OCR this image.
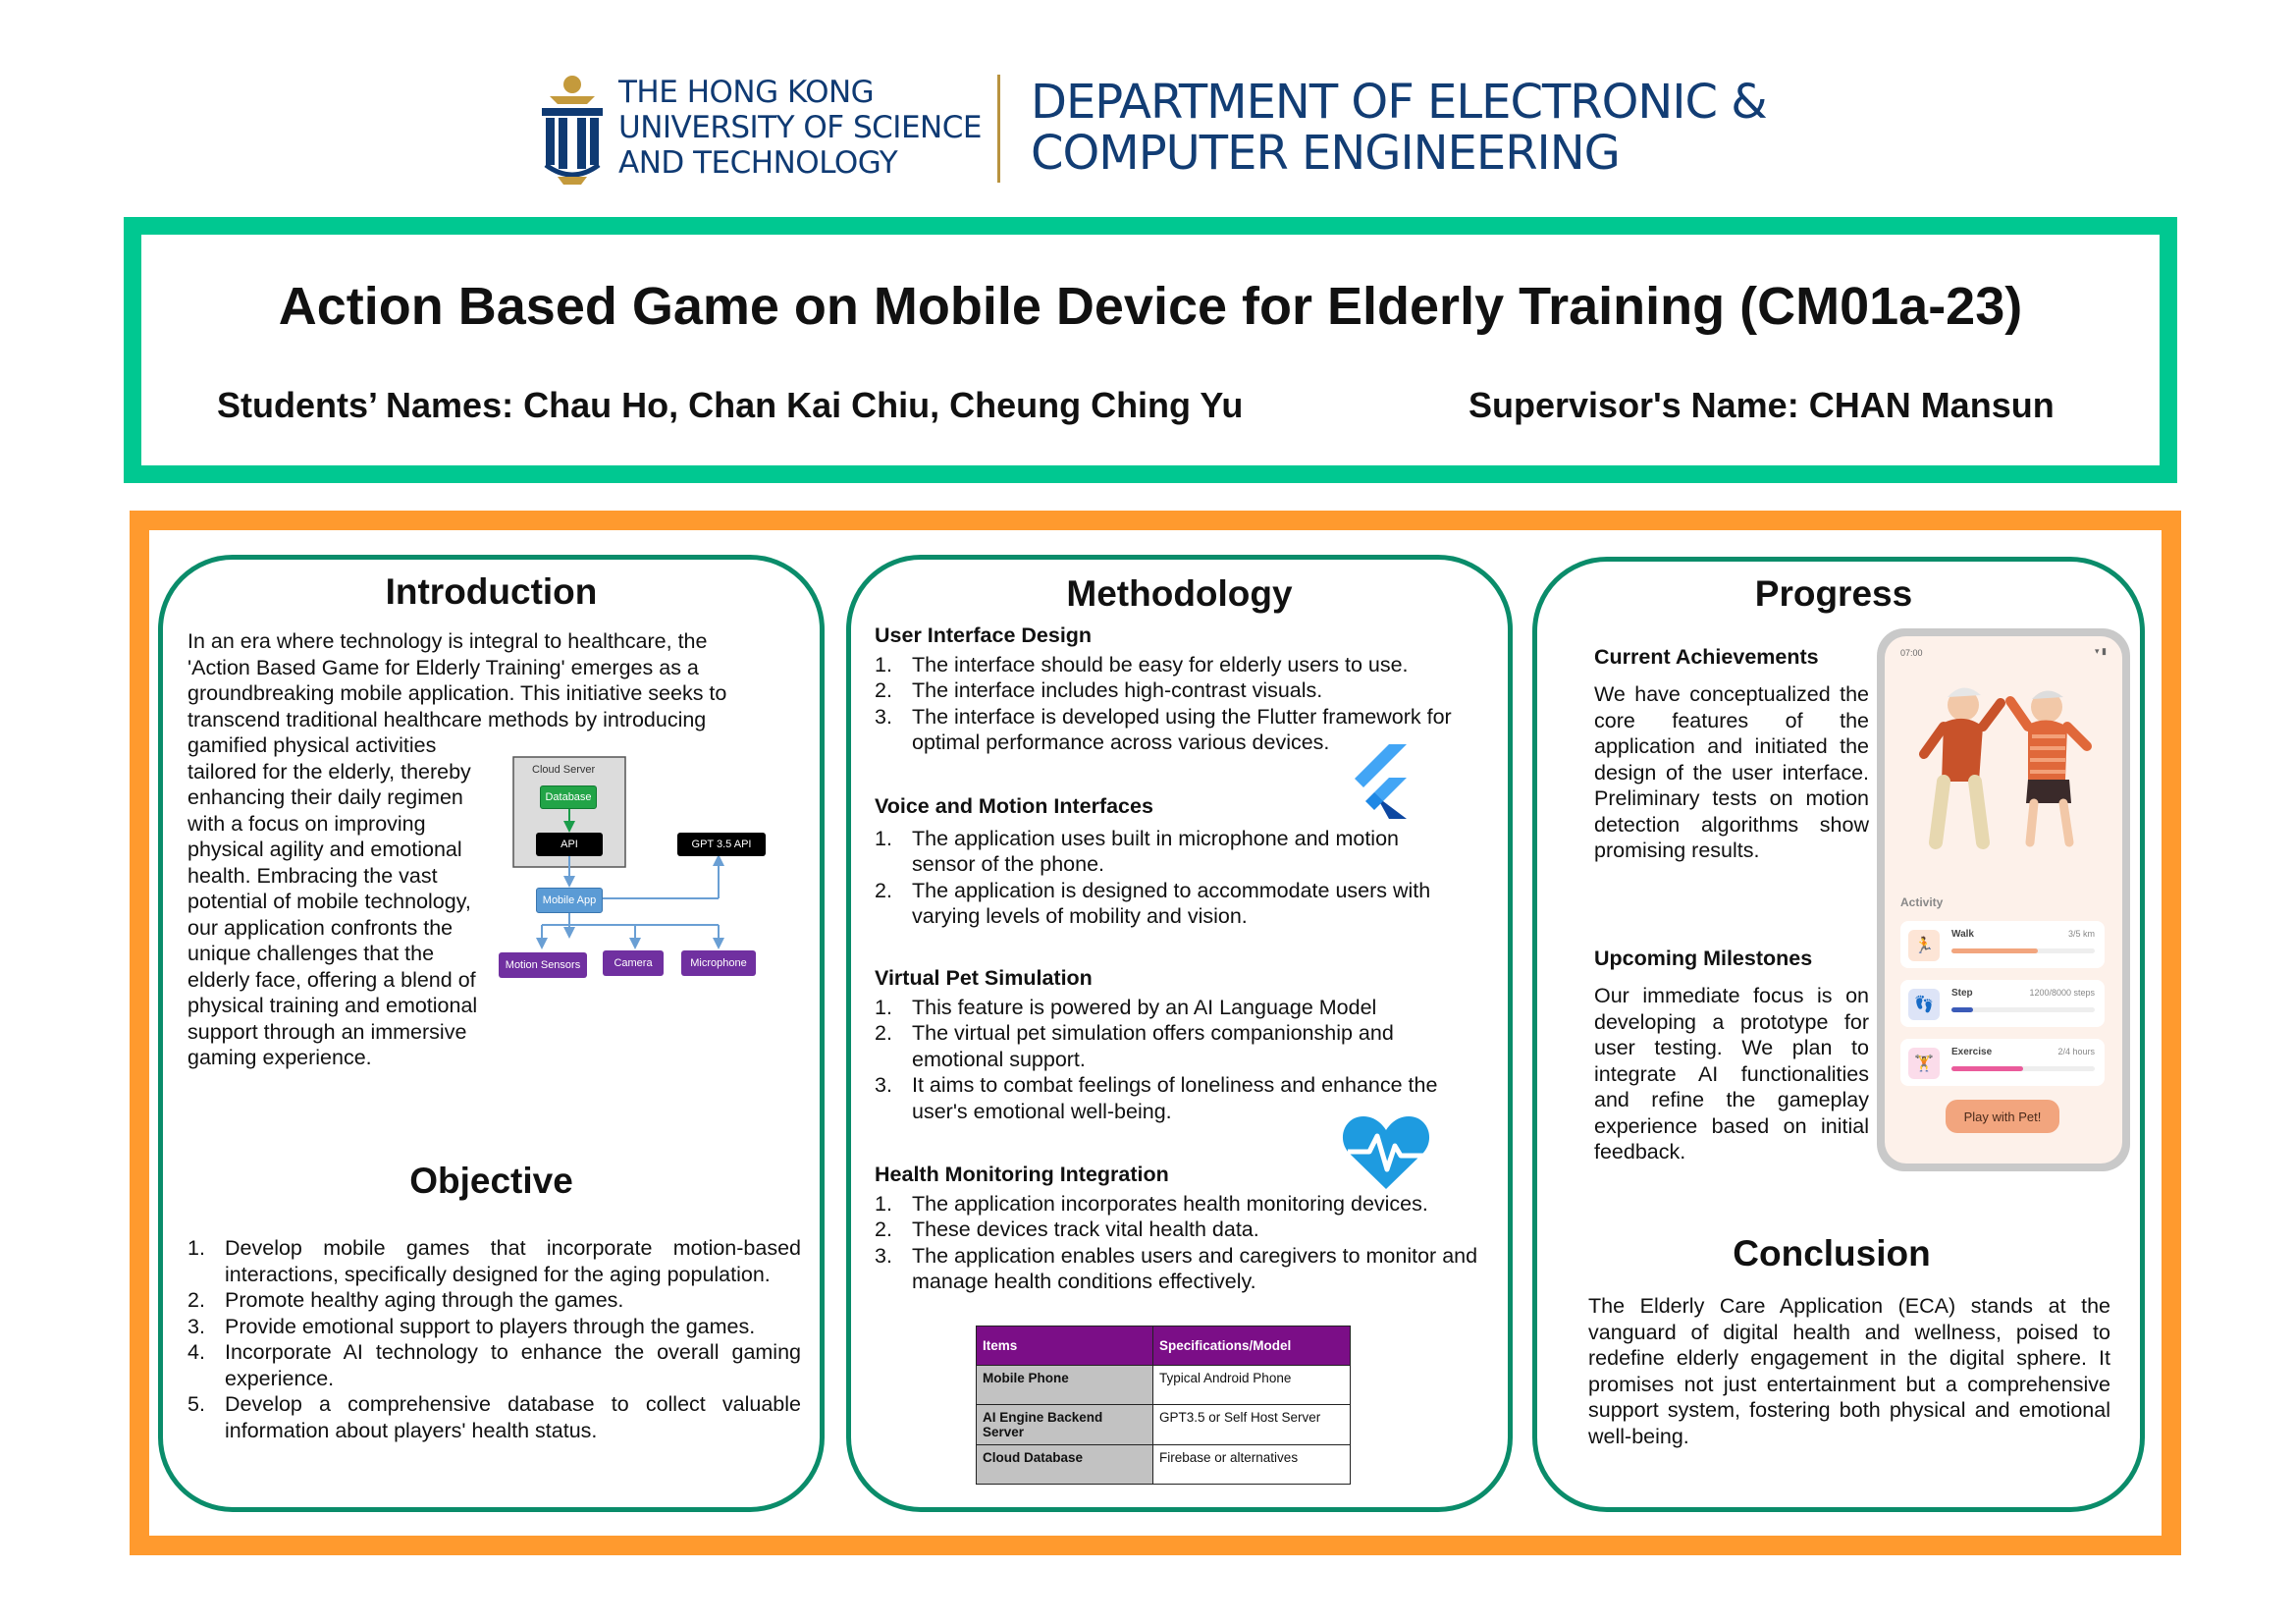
THE HONG KONG
UNIVERSITY OF SCIENCE
AND TECHNOLOGY
DEPARTMENT OF ELECTRONIC &
COMPUTER ENGINEERING
Action Based Game on Mobile Device for Elderly Training (CM01a-23)
Students’ Names: Chau Ho, Chan Kai Chiu, Cheung Ching Yu	Supervisor's Name: CHAN Mansun
Introduction
In an era where technology is integral to healthcare, the 'Action Based Game for Elderly Training' emerges as a groundbreaking mobile application. This initiative seeks to transcend traditional healthcare methods by introducing
gamified physical activities tailored for the elderly, thereby enhancing their daily regimen with a focus on improving physical agility and emotional health. Embracing the vast potential of mobile technology, our application confronts the unique challenges that the elderly face, offering a blend of physical training and emotional support through an immersive gaming experience.
Cloud Server
Database
API	GPT 3.5 API
Mobile App
Motion Sensors	Camera	Microphone
Objective
1. Develop mobile games that incorporate motion-based interactions, specifically designed for the aging population.
2. Promote healthy aging through the games.
3. Provide emotional support to players through the games.
4. Incorporate AI technology to enhance the overall gaming experience.
5. Develop a comprehensive database to collect valuable information about players' health status.
Methodology
User Interface Design
1. The interface should be easy for elderly users to use.
2. The interface includes high-contrast visuals.
3. The interface is developed using the Flutter framework for optimal performance across various devices.
Voice and Motion Interfaces
1. The application uses built in microphone and motion sensor of the phone.
2. The application is designed to accommodate users with varying levels of mobility and vision.
Virtual Pet Simulation
1. This feature is powered by an AI Language Model
2. The virtual pet simulation offers companionship and emotional support.
3. It aims to combat feelings of loneliness and enhance the user's emotional well-being.
Health Monitoring Integration
1. The application incorporates health monitoring devices.
2. These devices track vital health data.
3. The application enables users and caregivers to monitor and manage health conditions effectively.
Items	Specifications/Model
Mobile Phone	Typical Android Phone
AI Engine Backend Server	GPT3.5 or Self Host Server
Cloud Database	Firebase or alternatives
Progress
Current Achievements
We have conceptualized the core features of the application and initiated the design of the user interface. Preliminary tests on motion detection algorithms show promising results.
Upcoming Milestones
Our immediate focus is on developing a prototype for user testing. We plan to integrate AI functionalities and refine the gameplay experience based on initial feedback.
Conclusion
The Elderly Care Application (ECA) stands at the vanguard of digital health and wellness, poised to redefine elderly engagement in the digital sphere. It promises not just entertainment but a comprehensive support system, fostering both physical and emotional well-being.
07:00	▾ ▮
Activity
🏃
Walk	3/5 km
👣
Step	1200/8000 steps
🏋
Exercise	2/4 hours
Play with Pet!
